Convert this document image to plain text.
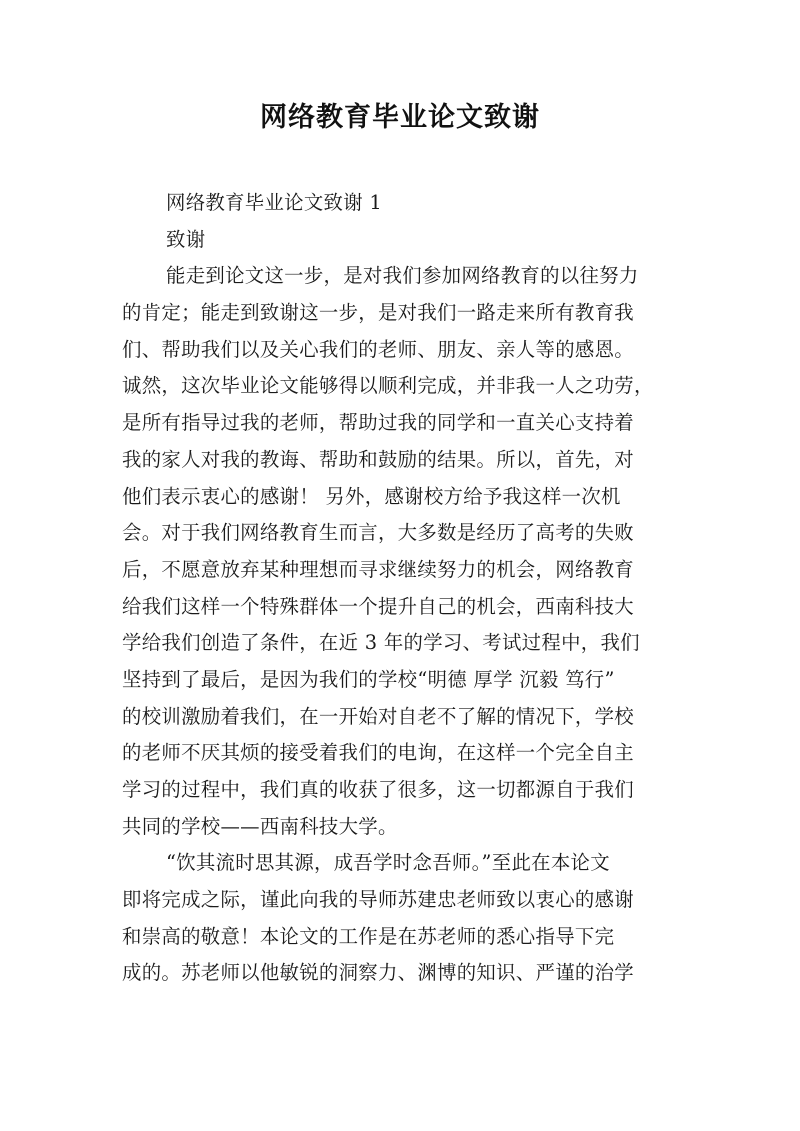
网络教育毕业论文致谢
网络教育毕业论文致谢 1
致谢
能走到论文这一步，是对我们参加网络教育的以往努力
的肯定；能走到致谢这一步，是对我们一路走来所有教育我
们、帮助我们以及关心我们的老师、朋友、亲人等的感恩。
诚然，这次毕业论文能够得以顺利完成，并非我一人之功劳，
是所有指导过我的老师，帮助过我的同学和一直关心支持着
我的家人对我的教诲、帮助和鼓励的结果。所以，首先，对
他们表示衷心的感谢！ 另外，感谢校方给予我这样一次机
会。对于我们网络教育生而言，大多数是经历了高考的失败
后，不愿意放弃某种理想而寻求继续努力的机会，网络教育
给我们这样一个特殊群体一个提升自己的机会，西南科技大
学给我们创造了条件，在近 3 年的学习、考试过程中，我们
坚持到了最后，是因为我们的学校“明德 厚学 沉毅 笃行”
的校训激励着我们，在一开始对自老不了解的情况下，学校
的老师不厌其烦的接受着我们的电询，在这样一个完全自主
学习的过程中，我们真的收获了很多，这一切都源自于我们
共同的学校——西南科技大学。
“饮其流时思其源，成吾学时念吾师。”至此在本论文
即将完成之际，谨此向我的导师苏建忠老师致以衷心的感谢
和崇高的敬意！本论文的工作是在苏老师的悉心指导下完
成的。苏老师以他敏锐的洞察力、渊博的知识、严谨的治学
